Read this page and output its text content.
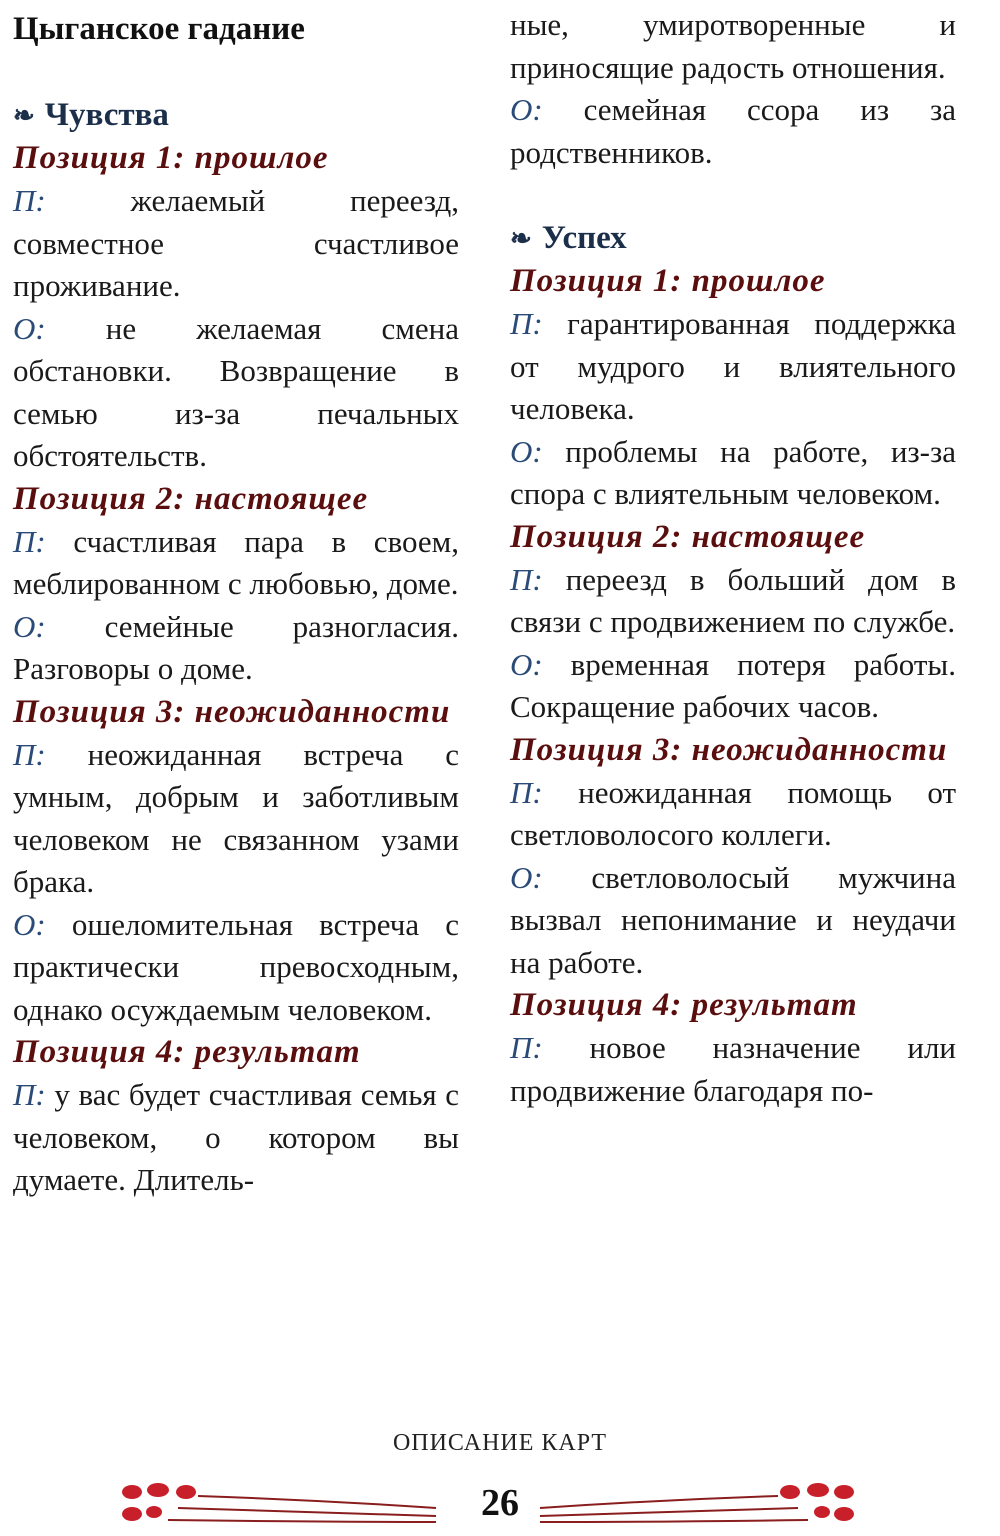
Цыганское гадание
❧ Чувства
Позиция 1: прошлое

П: желаемый переезд, совместное счастливое проживание.

О: не желаемая смена обстановки. Возвращение в семью из-за печальных обстоятельств.

Позиция 2: настоящее

П: счастливая пара в своем, меблированном с любовью, доме.

О: семейные разногласия. Разговоры о доме.

Позиция 3: неожиданности

П: неожиданная встреча с умным, добрым и заботливым человеком не связанном узами брака.

О: ошеломительная встреча с практически превосходным, однако осуждаемым человеком.

Позиция 4: результат

П: у вас будет счастливая семья с человеком, о котором вы думаете. Длитель-

ные, умиротворенные и приносящие радость отношения.

О: семейная ссора из за родственников.

❧ Успех
Позиция 1: прошлое

П: гарантированная поддержка от мудрого и влиятельного человека.

О: проблемы на работе, из-за спора с влиятельным человеком.

Позиция 2: настоящее

П: переезд в больший дом в связи с продвижением по службе.

О: временная потеря работы. Сокращение рабочих часов.

Позиция 3: неожиданности

П: неожиданная помощь от светловолосого коллеги.

О: светловолосый мужчина вызвал непонимание и неудачи на работе.

Позиция 4: результат

П: новое назначение или продвижение благодаря по-

ОПИСАНИЕ КАРТ
26
